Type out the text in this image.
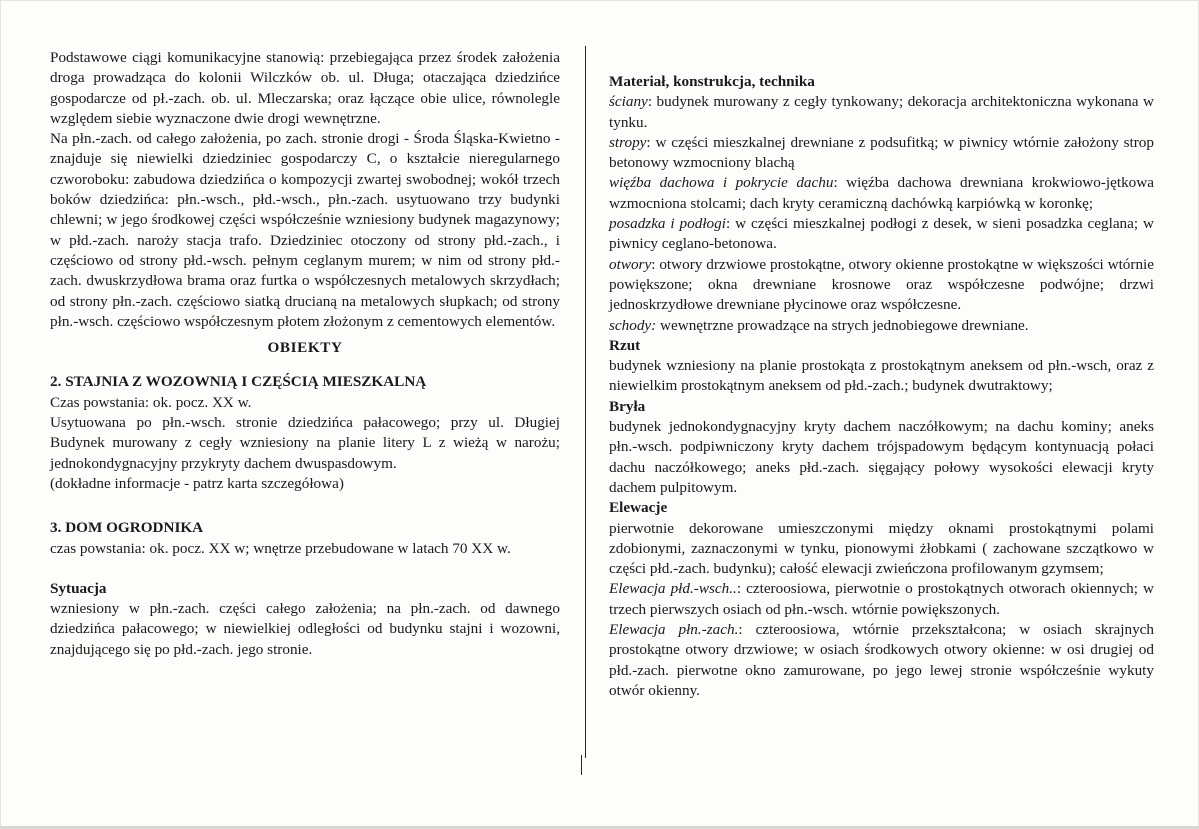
Podstawowe ciągi komunikacyjne stanowią: przebiegająca przez środek założenia droga prowadząca do kolonii Wilczków ob. ul. Długa; otaczająca dziedzińce gospodarcze od pł.-zach. ob. ul. Mleczarska; oraz łączące obie ulice, równolegle względem siebie wyznaczone dwie drogi wewnętrzne.

Na płn.-zach. od całego założenia, po zach. stronie drogi - Środa Śląska-Kwietno -znajduje się niewielki dziedziniec gospodarczy C, o kształcie nieregularnego czworoboku: zabudowa dziedzińca o kompozycji zwartej swobodnej; wokół trzech boków dziedzińca: płn.-wsch., płd.-wsch., płn.-zach. usytuowano trzy budynki chlewni; w jego środkowej części współcześnie wzniesiony budynek magazynowy; w płd.-zach. naroży stacja trafo. Dziedziniec otoczony od strony płd.-zach., i częściowo od strony płd.-wsch. pełnym ceglanym murem; w nim od strony płd.-zach. dwuskrzydłowa brama oraz furtka o współczesnych metalowych skrzydłach; od strony płn.-zach. częściowo siatką drucianą na metalowych słupkach; od strony płn.-wsch. częściowo współczesnym płotem złożonym z cementowych elementów.

OBIEKTY
2. STAJNIA Z WOZOWNIĄ I CZĘŚCIĄ MIESZKALNĄ

Czas powstania: ok. pocz. XX w.

Usytuowana po płn.-wsch. stronie dziedzińca pałacowego; przy ul. Długiej Budynek murowany z cegły wzniesiony na planie litery L z wieżą w narożu; jednokondygnacyjny przykryty dachem dwuspasdowym.

(dokładne informacje - patrz karta szczegółowa)

3. DOM OGRODNIKA

czas powstania: ok. pocz. XX w; wnętrze przebudowane w latach 70 XX w.

Sytuacja

wzniesiony w płn.-zach. części całego założenia; na płn.-zach. od dawnego dziedzińca pałacowego; w niewielkiej odległości od budynku stajni i wozowni, znajdującego się po płd.-zach. jego stronie.

Materiał, konstrukcja, technika

ściany: budynek murowany z cegły tynkowany; dekoracja architektoniczna wykonana w tynku.

stropy: w części mieszkalnej drewniane z podsufitką; w piwnicy wtórnie założony strop betonowy wzmocniony blachą

więźba dachowa i pokrycie dachu: więźba dachowa drewniana krokwiowo-jętkowa wzmocniona stolcami; dach kryty ceramiczną dachówką karpiówką w koronkę;

posadzka i podłogi: w części mieszkalnej podłogi z desek, w sieni posadzka ceglana; w piwnicy ceglano-betonowa.

otwory: otwory drzwiowe prostokątne, otwory okienne prostokątne w większości wtórnie powiększone; okna drewniane krosnowe oraz współczesne podwójne; drzwi jednoskrzydłowe drewniane płycinowe oraz współczesne.

schody: wewnętrzne prowadzące na strych jednobiegowe drewniane.

Rzut

budynek wzniesiony na planie prostokąta z prostokątnym aneksem od płn.-wsch, oraz z niewielkim prostokątnym aneksem od płd.-zach.; budynek dwutraktowy;

Bryła

budynek jednokondygnacyjny kryty dachem naczółkowym; na dachu kominy; aneks płn.-wsch. podpiwniczony kryty dachem trójspadowym będącym kontynuacją połaci dachu naczółkowego; aneks płd.-zach. sięgający połowy wysokości elewacji kryty dachem pulpitowym.

Elewacje

pierwotnie dekorowane umieszczonymi między oknami prostokątnymi polami zdobionymi, zaznaczonymi w tynku, pionowymi żłobkami ( zachowane szczątkowo w części płd.-zach. budynku); całość elewacji zwieńczona profilowanym gzymsem;

Elewacja płd.-wsch..: czteroosiowa, pierwotnie o prostokątnych otworach okiennych; w trzech pierwszych osiach od płn.-wsch. wtórnie powiększonych.

Elewacja płn.-zach.: czteroosiowa, wtórnie przekształcona; w osiach skrajnych prostokątne otwory drzwiowe; w osiach środkowych otwory okienne: w osi drugiej od płd.-zach. pierwotne okno zamurowane, po jego lewej stronie współcześnie wykuty otwór okienny.
